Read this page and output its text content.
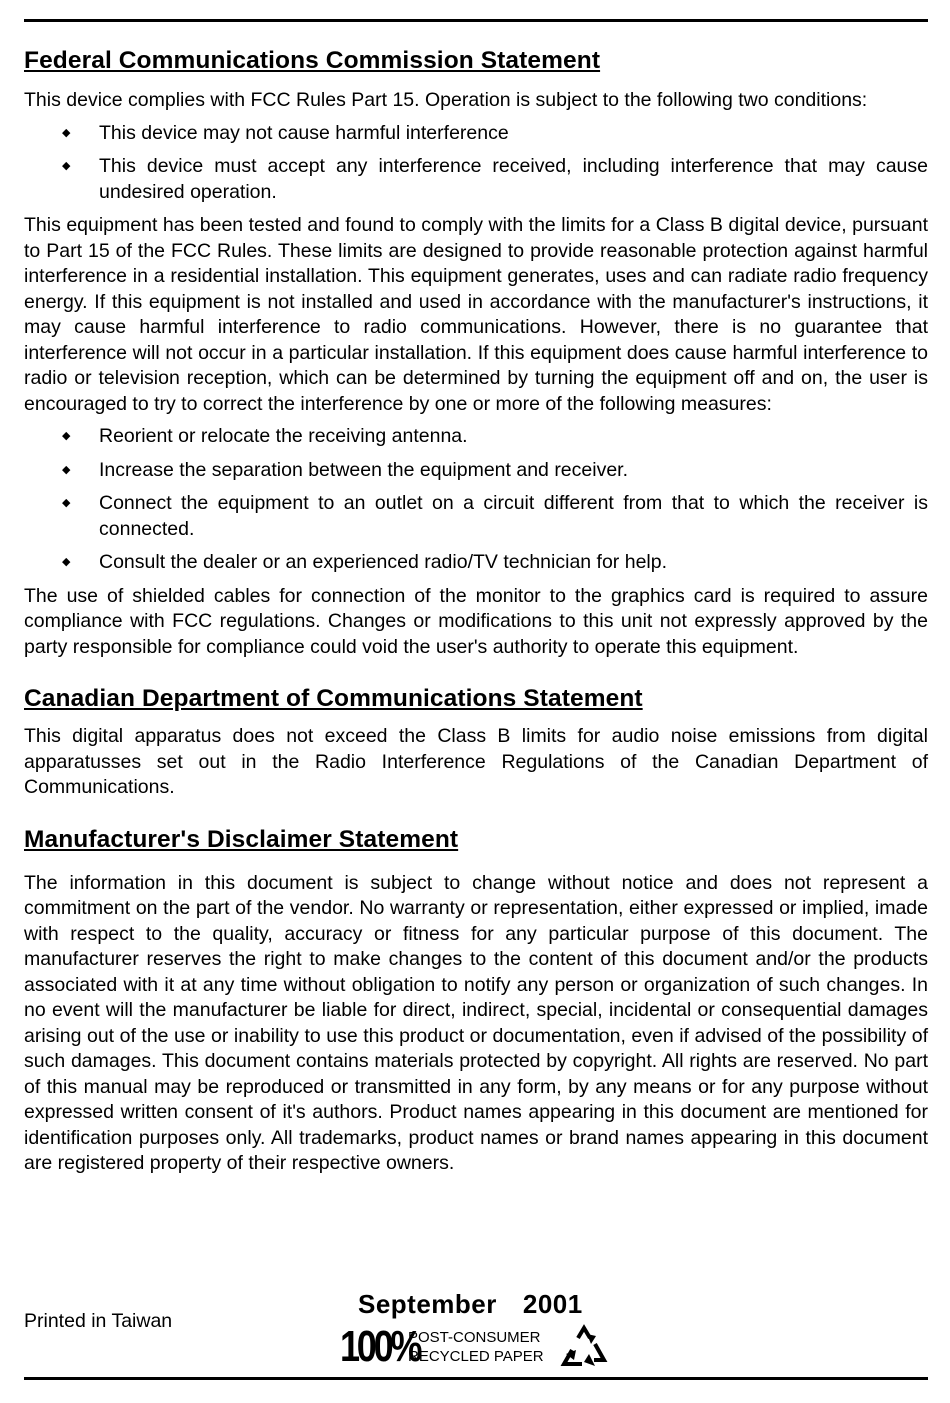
Federal Communications Commission Statement

This device complies with FCC Rules Part 15. Operation is subject to the following two conditions:

◆ This device may not cause harmful interference
◆ This device must accept any interference received, including interference that may cause undesired operation.

This equipment has been tested and found to comply with the limits for a Class B digital device, pursuant to Part 15 of the FCC Rules. These limits are designed to provide reasonable protection against harmful interference in a residential installation. This equipment generates, uses and can radiate radio frequency energy. If this equipment is not installed and used in accordance with the manufacturer's instructions, it may cause harmful interference to radio communications. However, there is no guarantee that interference will not occur in a particular installation. If this equipment does cause harmful interference to radio or television reception, which can be determined by turning the equipment off and on, the user is encouraged to try to correct the interference by one or more of the following measures:

◆ Reorient or relocate the receiving antenna.
◆ Increase the separation between the equipment and receiver.
◆ Connect the equipment to an outlet on a circuit different from that to which the receiver is connected.
◆ Consult the dealer or an experienced radio/TV technician for help.

The use of shielded cables for connection of the monitor to the graphics card is required to assure compliance with FCC regulations. Changes or modifications to this unit not expressly approved by the party responsible for compliance could void the user's authority to operate this equipment.

Canadian Department of Communications Statement

This digital apparatus does not exceed the Class B limits for audio noise emissions from digital apparatusses set out in the Radio Interference Regulations of the Canadian Department of Communications.

Manufacturer's Disclaimer Statement

The information in this document is subject to change without notice and does not represent a commitment on the part of the vendor. No warranty or representation, either expressed or implied, imade with respect to the quality, accuracy or fitness for any particular purpose of this document. The manufacturer reserves the right to make changes to the content of this document and/or the products associated with it at any time without obligation to notify any person or organization of such changes. In no event will the manufacturer be liable for direct, indirect, special, incidental or consequential damages arising out of the use or inability to use this product or documentation, even if advised of the possibility of such damages. This document contains materials protected by copyright. All rights are reserved. No part of this manual may be reproduced or transmitted in any form, by any means or for any purpose without expressed written consent of it's authors. Product names appearing in this document are mentioned for identification purposes only. All trademarks, product names or brand names appearing in this document are registered property of their respective owners.

Printed in Taiwan
September 2001
100%
POST-CONSUMER
RECYCLED PAPER
